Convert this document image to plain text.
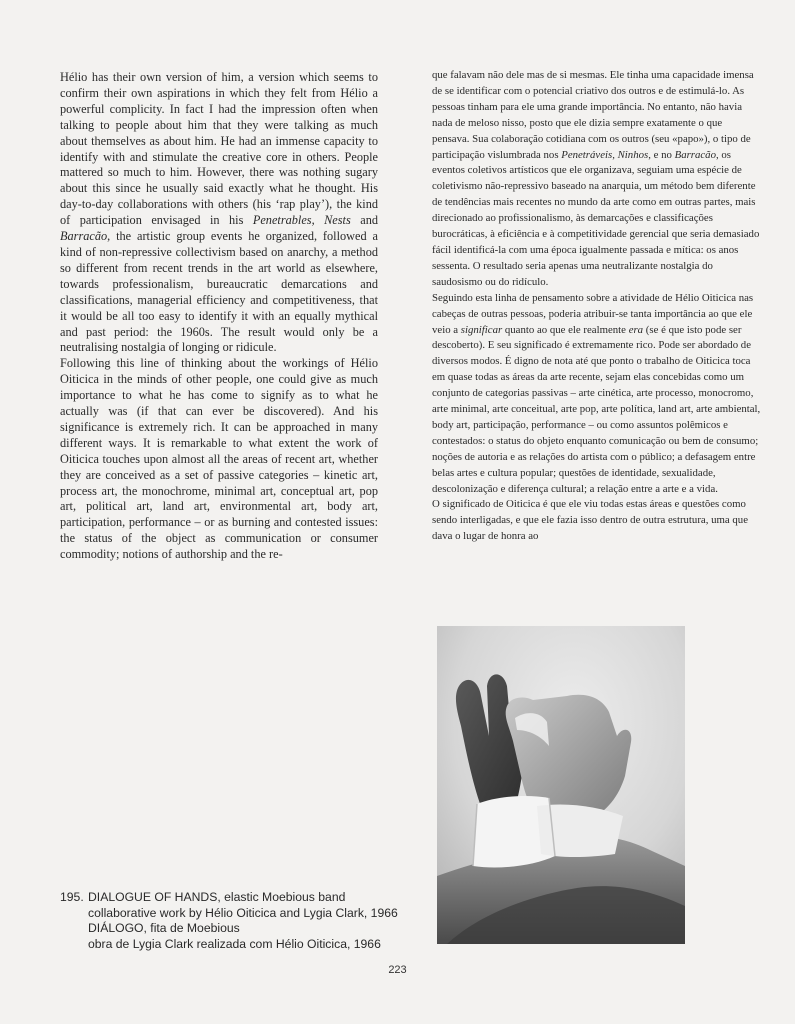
Hélio has their own version of him, a version which seems to confirm their own aspirations in which they felt from Hélio a powerful complicity. In fact I had the impression often when talking to people about him that they were talking as much about themselves as about him. He had an immense capacity to identify with and stimulate the creative core in others. People mattered so much to him. However, there was nothing sugary about this since he usually said exactly what he thought. His day-to-day collaborations with others (his ‘rap play’), the kind of participation envisaged in his Penetrables, Nests and Barracão, the artistic group events he organized, followed a kind of non-repressive collectivism based on anarchy, a method so different from recent trends in the art world as elsewhere, towards professionalism, bureaucratic demarcations and classifications, managerial efficiency and competitiveness, that it would be all too easy to identify it with an equally mythical and past period: the 1960s. The result would only be a neutralising nostalgia of longing or ridicule.

Following this line of thinking about the workings of Hélio Oiticica in the minds of other people, one could give as much importance to what he has come to signify as to what he actually was (if that can ever be discovered). And his significance is extremely rich. It can be approached in many different ways. It is remarkable to what extent the work of Oiticica touches upon almost all the areas of recent art, whether they are conceived as a set of passive categories – kinetic art, process art, the monochrome, minimal art, conceptual art, pop art, political art, land art, environmental art, body art, participation, performance – or as burning and contested issues: the status of the object as communication or consumer commodity; notions of authorship and the re-

que falavam não dele mas de si mesmas. Ele tinha uma capacidade imensa de se identificar com o potencial criativo dos outros e de estimulá-lo. As pessoas tinham para ele uma grande importância. No entanto, não havia nada de meloso nisso, posto que ele dizia sempre exatamente o que pensava. Sua colaboração cotidiana com os outros (seu «papo»), o tipo de participação vislumbrada nos Penetráveis, Ninhos, e no Barracão, os eventos coletivos artísticos que ele organizava, seguiam uma espécie de coletivismo não-repressivo baseado na anarquia, um método bem diferente de tendências mais recentes no mundo da arte como em outras partes, mais direcionado ao profissionalismo, às demarcações e classificações burocráticas, à eficiência e à competitividade gerencial que seria demasiado fácil identificá-la com uma época igualmente passada e mítica: os anos sessenta. O resultado seria apenas uma neutralizante nostalgia do saudosismo ou do ridículo.

Seguindo esta linha de pensamento sobre a atividade de Hélio Oiticica nas cabeças de outras pessoas, poderia atribuir-se tanta importância ao que ele veio a significar quanto ao que ele realmente era (se é que isto pode ser descoberto). E seu significado é extremamente rico. Pode ser abordado de diversos modos. É digno de nota até que ponto o trabalho de Oiticica toca em quase todas as áreas da arte recente, sejam elas concebidas como um conjunto de categorias passivas – arte cinética, arte processo, monocromo, arte minimal, arte conceitual, arte pop, arte política, land art, arte ambiental, body art, participação, performance – ou como assuntos polêmicos e contestados: o status do objeto enquanto comunicação ou bem de consumo; noções de autoria e as relações do artista com o público; a defasagem entre belas artes e cultura popular; questões de identidade, sexualidade, descolonização e diferença cultural; a relação entre a arte e a vida.

O significado de Oiticica é que ele viu todas estas áreas e questões como sendo interligadas, e que ele fazia isso dentro de outra estrutura, uma que dava o lugar de honra ao

195. DIALOGUE OF HANDS, elastic Moebious band
collaborative work by Hélio Oiticica and Lygia Clark, 1966
DIÁLOGO, fita de Moebious
obra de Lygia Clark realizada com Hélio Oiticica, 1966
223
